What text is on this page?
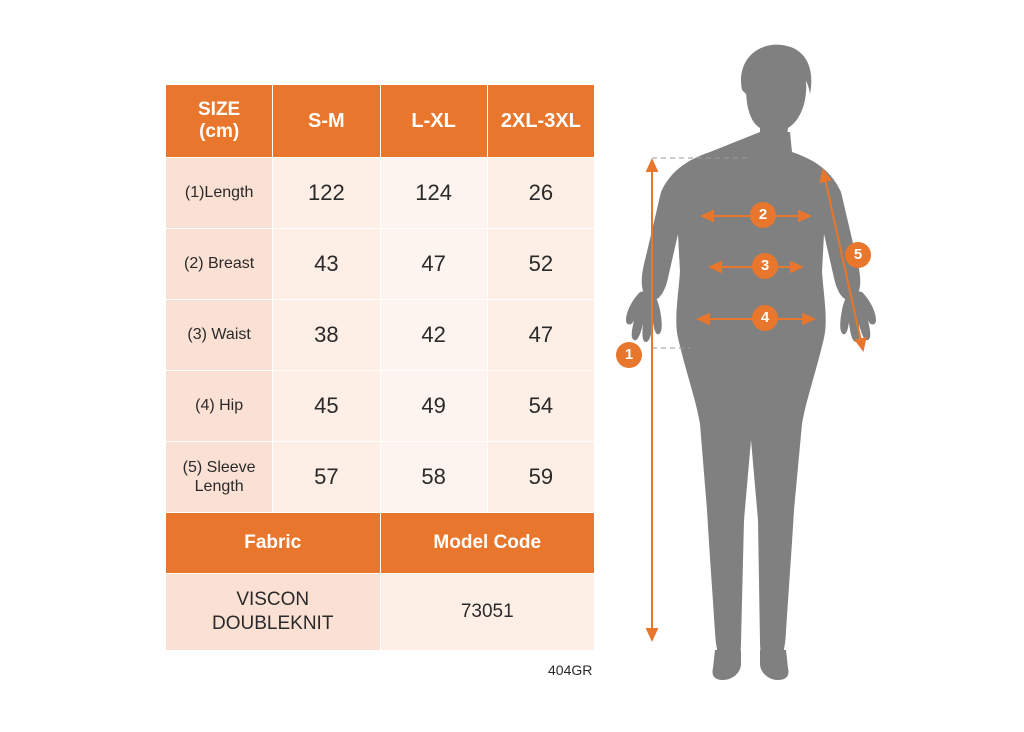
SIZE
(cm)	S-M	L-XL	2XL-3XL
(1)Length	122	124	26
(2) Breast	43	47	52
(3) Waist	38	42	47
(4) Hip	45	49	54
(5) Sleeve Length	57	58	59
Fabric		Model Code	

VISCON
DOUBLEKNIT		73051	
404GR
1
2
3
4
5
